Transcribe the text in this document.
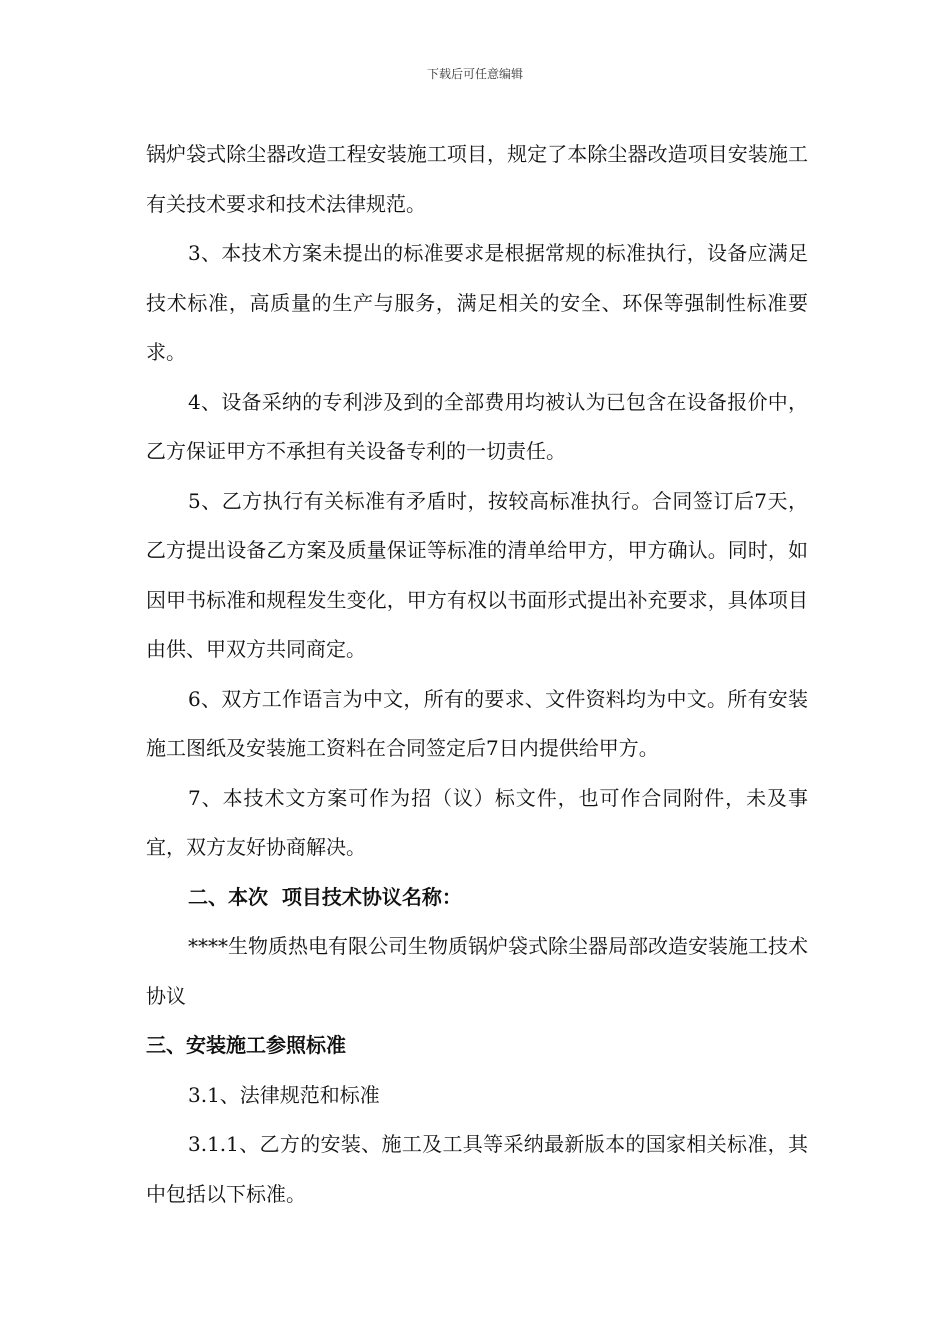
下载后可任意编辑

锅炉袋式除尘器改造工程安装施工项目，规定了本除尘器改造项目安装施工有关技术要求和技术法律规范。

3、本技术方案未提出的标准要求是根据常规的标准执行，设备应满足技术标准，高质量的生产与服务，满足相关的安全、环保等强制性标准要求。

4、设备采纳的专利涉及到的全部费用均被认为已包含在设备报价中，乙方保证甲方不承担有关设备专利的一切责任。

5、乙方执行有关标准有矛盾时，按较高标准执行。合同签订后7天，乙方提出设备乙方案及质量保证等标准的清单给甲方，甲方确认。同时，如因甲书标准和规程发生变化，甲方有权以书面形式提出补充要求，具体项目由供、甲双方共同商定。

6、双方工作语言为中文，所有的要求、文件资料均为中文。所有安装施工图纸及安装施工资料在合同签定后7日内提供给甲方。

7、本技术文方案可作为招（议）标文件，也可作合同附件，未及事宜，双方友好协商解决。

二、本次  项目技术协议名称：

****生物质热电有限公司生物质锅炉袋式除尘器局部改造安装施工技术协议

三、安装施工参照标准

3.1、法律规范和标准

3.1.1、乙方的安装、施工及工具等采纳最新版本的国家相关标准，其中包括以下标准。
